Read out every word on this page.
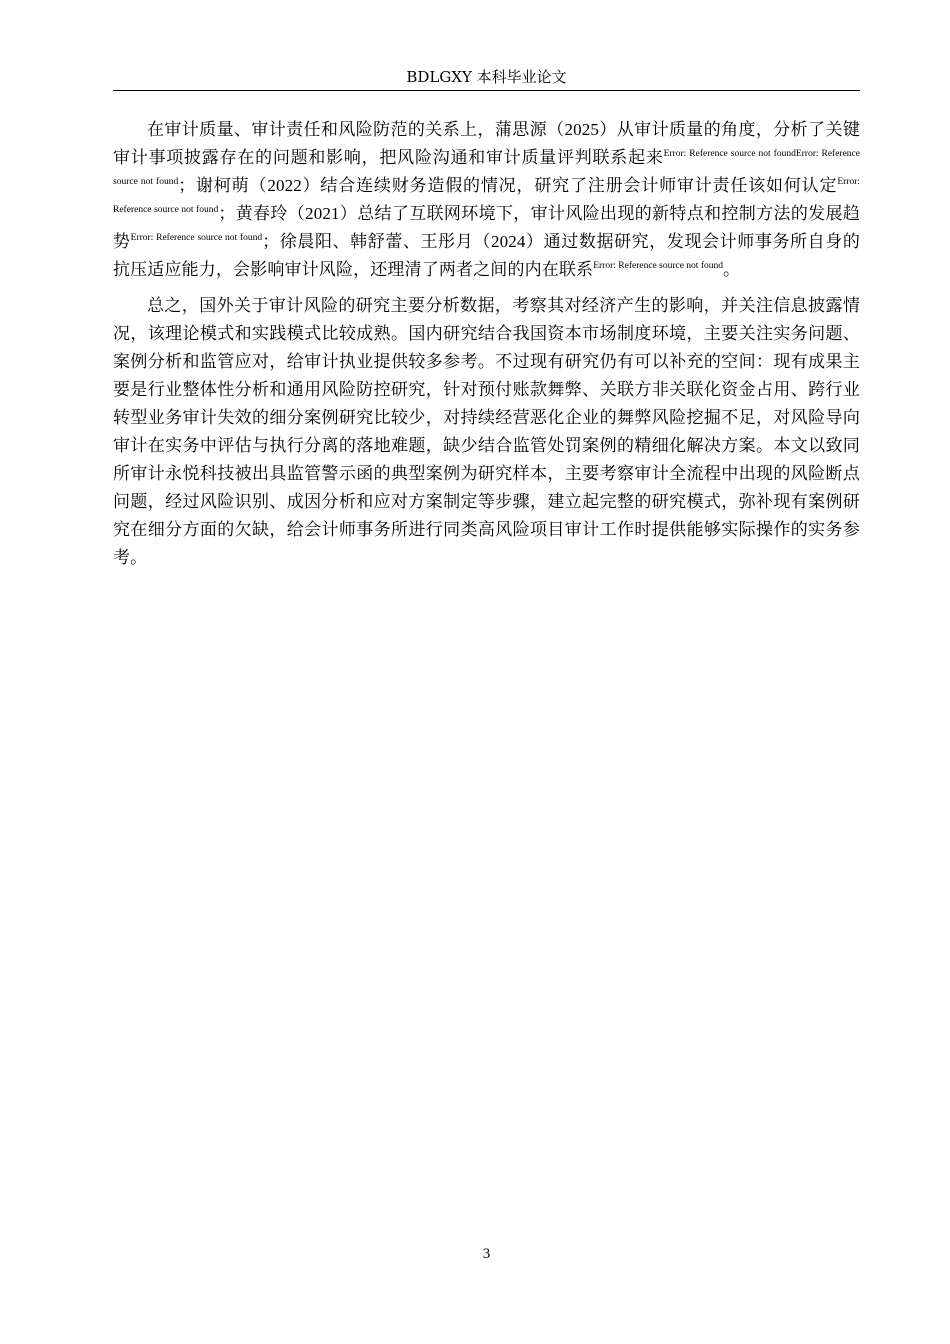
BDLGXY 本科毕业论文

在审计质量、审计责任和风险防范的关系上，蒲思源（2025）从审计质量的角度，分析了关键审计事项披露存在的问题和影响，把风险沟通和审计质量评判联系起来$^{Error: Reference source not foundError: Reference source not found}$；谢柯萌（2022）结合连续财务造假的情况，研究了注册会计师审计责任该如何认定$^{Error: Reference source not found}$；黄春玲（2021）总结了互联网环境下，审计风险出现的新特点和控制方法的发展趋势$^{Error: Reference source not found}$；徐晨阳、韩舒蕾、王彤月（2024）通过数据研究，发现会计师事务所自身的抗压适应能力，会影响审计风险，还理清了两者之间的内在联系$^{Error: Reference source not found}$。

总之，国外关于审计风险的研究主要分析数据，考察其对经济产生的影响，并关注信息披露情况，该理论模式和实践模式比较成熟。国内研究结合我国资本市场制度环境，主要关注实务问题、案例分析和监管应对，给审计执业提供较多参考。不过现有研究仍有可以补充的空间：现有成果主要是行业整体性分析和通用风险防控研究，针对预付账款舞弊、关联方非关联化资金占用、跨行业转型业务审计失效的细分案例研究比较少，对持续经营恶化企业的舞弊风险挖掘不足，对风险导向审计在实务中评估与执行分离的落地难题，缺少结合监管处罚案例的精细化解决方案。本文以致同所审计永悦科技被出具监管警示函的典型案例为研究样本，主要考察审计全流程中出现的风险断点问题，经过风险识别、成因分析和应对方案制定等步骤，建立起完整的研究模式，弥补现有案例研究在细分方面的欠缺，给会计师事务所进行同类高风险项目审计工作时提供能够实际操作的实务参考。

3
